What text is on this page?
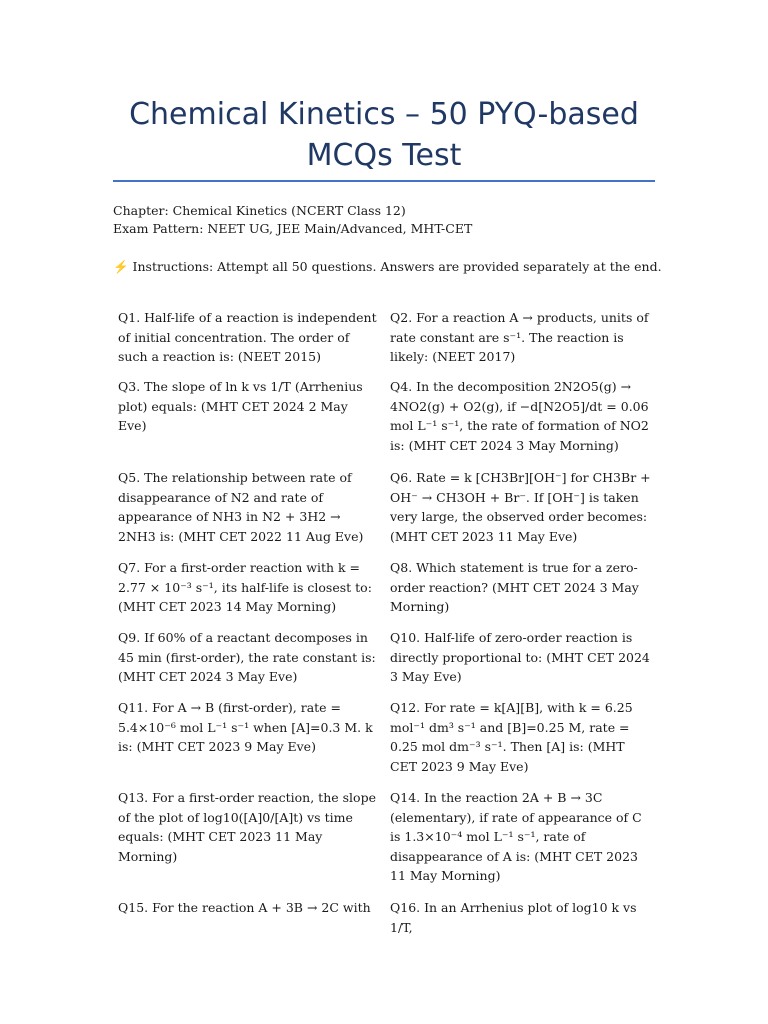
Chemical Kinetics – 50 PYQ-based MCQs Test
Chapter: Chemical Kinetics (NCERT Class 12)
Exam Pattern: NEET UG, JEE Main/Advanced, MHT-CET
⚡ Instructions: Attempt all 50 questions. Answers are provided separately at the end.
Q1. Half-life of a reaction is independent of initial concentration. The order of such a reaction is: (NEET 2015)
Q2. For a reaction A → products, units of rate constant are s⁻¹. The reaction is likely: (NEET 2017)
Q3. The slope of ln k vs 1/T (Arrhenius plot) equals: (MHT CET 2024 2 May Eve)
Q4. In the decomposition 2N2O5(g) → 4NO2(g) + O2(g), if −d[N2O5]/dt = 0.06 mol L⁻¹ s⁻¹, the rate of formation of NO2 is: (MHT CET 2024 3 May Morning)
Q5. The relationship between rate of disappearance of N2 and rate of appearance of NH3 in N2 + 3H2 → 2NH3 is: (MHT CET 2022 11 Aug Eve)
Q6. Rate = k [CH3Br][OH⁻] for CH3Br + OH⁻ → CH3OH + Br⁻. If [OH⁻] is taken very large, the observed order becomes: (MHT CET 2023 11 May Eve)
Q7. For a first-order reaction with k = 2.77 × 10⁻³ s⁻¹, its half-life is closest to: (MHT CET 2023 14 May Morning)
Q8. Which statement is true for a zero-order reaction? (MHT CET 2024 3 May Morning)
Q9. If 60% of a reactant decomposes in 45 min (first-order), the rate constant is: (MHT CET 2024 3 May Eve)
Q10. Half-life of zero-order reaction is directly proportional to: (MHT CET 2024 3 May Eve)
Q11. For A → B (first-order), rate = 5.4×10⁻⁶ mol L⁻¹ s⁻¹ when [A]=0.3 M. k is: (MHT CET 2023 9 May Eve)
Q12. For rate = k[A][B], with k = 6.25 mol⁻¹ dm³ s⁻¹ and [B]=0.25 M, rate = 0.25 mol dm⁻³ s⁻¹. Then [A] is: (MHT CET 2023 9 May Eve)
Q13. For a first-order reaction, the slope of the plot of log10([A]0/[A]t) vs time equals: (MHT CET 2023 11 May Morning)
Q14. In the reaction 2A + B → 3C (elementary), if rate of appearance of C is 1.3×10⁻⁴ mol L⁻¹ s⁻¹, rate of disappearance of A is: (MHT CET 2023 11 May Morning)
Q15. For the reaction A + 3B → 2C with	Q16. In an Arrhenius plot of log10 k vs 1/T,
